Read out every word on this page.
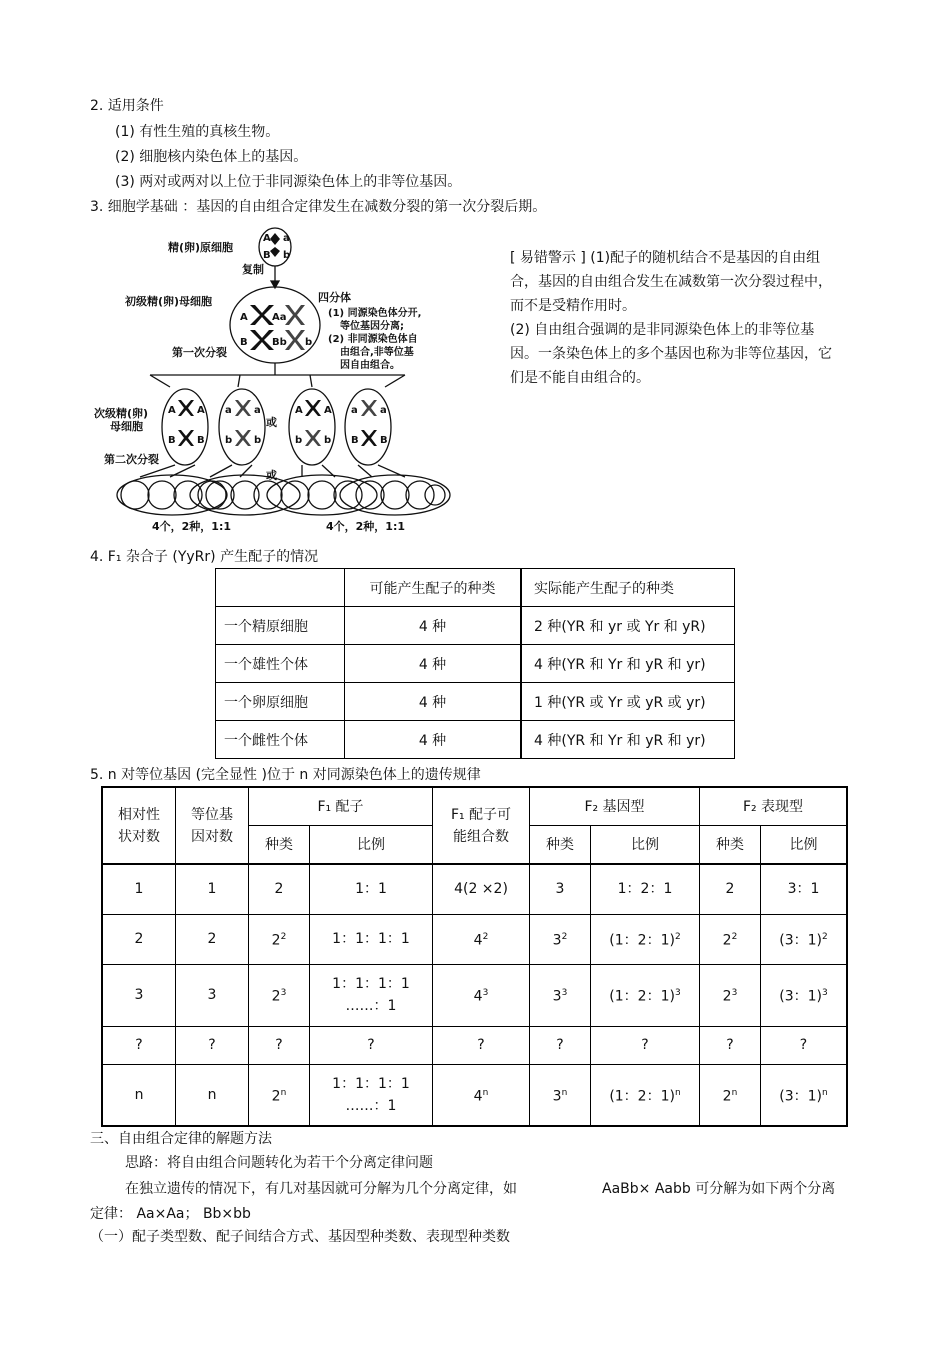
2. 适用条件
(1) 有性生殖的真核生物。
(2) 细胞核内染色体上的基因。
(3) 两对或两对以上位于非同源染色体上的非等位基因。
3. 细胞学基础 ：基因的自由组合定律发生在减数分裂的第一次分裂后期。
精(卵)原细胞
复制
初级精(卵)母细胞	四分体
(1) 同源染色体分开,
等位基因分离;
(2) 非同源染色体自
由组合,非等位基
因自由组合。
第一次分裂
次级精(卵)
母细胞
第二次分裂
或
或
4个，2种，1:1	4个，2种，1:1
A a
B b
A Aa
B Bb b
A A
B B
a a
b b
A A
b b
a a
B B

[ 易错警示 ] (1)配子的随机结合不是基因的自由组合，基因的自由组合发生在减数第一次分裂过程中，而不是受精作用时。

(2) 自由组合强调的是非同源染色体上的非等位基因。一条染色体上的多个基因也称为非等位基因，它们是不能自由组合的。

4. F₁ 杂合子 (YyRr) 产生配子的情况
	可能产生配子的种类	实际能产生配子的种类
一个精原细胞	4 种	2 种(YR 和 yr 或 Yr 和 yR)
一个雄性个体	4 种	4 种(YR 和 Yr 和 yR 和 yr)
一个卵原细胞	4 种	1 种(YR 或 Yr 或 yR 或 yr)
一个雌性个体	4 种	4 种(YR 和 Yr 和 yR 和 yr)
5. n 对等位基因 (完全显性 )位于 n 对同源染色体上的遗传规律
相对性状对数	等位基因对数	F₁ 配子		F₁ 配子可能组合数	F₂ 基因型		F₂ 表现型	
		种类	比例		种类	比例	种类	比例
1	1	2	1：1	4(2 ×2)	3	1：2：1	2	3：1
2	2	$2^2$	1：1：1：1	$4^2$	$3^2$	(1：2：1)$^2$	$2^2$	(3：1)$^2$
3	3	$2^3$	1：1：1：1 ……：1	$4^3$	$3^3$	(1：2：1)$^3$	$2^3$	(3：1)$^3$
?	?	?	?	?	?	?	?	?
n	n	2$^n$	1：1：1：1 ……：1	4$^n$	3$^n$	(1：2：1)$^n$	2$^n$	(3：1)$^n$
三、自由组合定律的解题方法
思路：将自由组合问题转化为若干个分离定律问题
在独立遗传的情况下，有几对基因就可分解为几个分离定律，如	AaBb× Aabb 可分解为如下两个分离
定律： Aa×Aa； Bb×bb
（一）配子类型数、配子间结合方式、基因型种类数、表现型种类数
